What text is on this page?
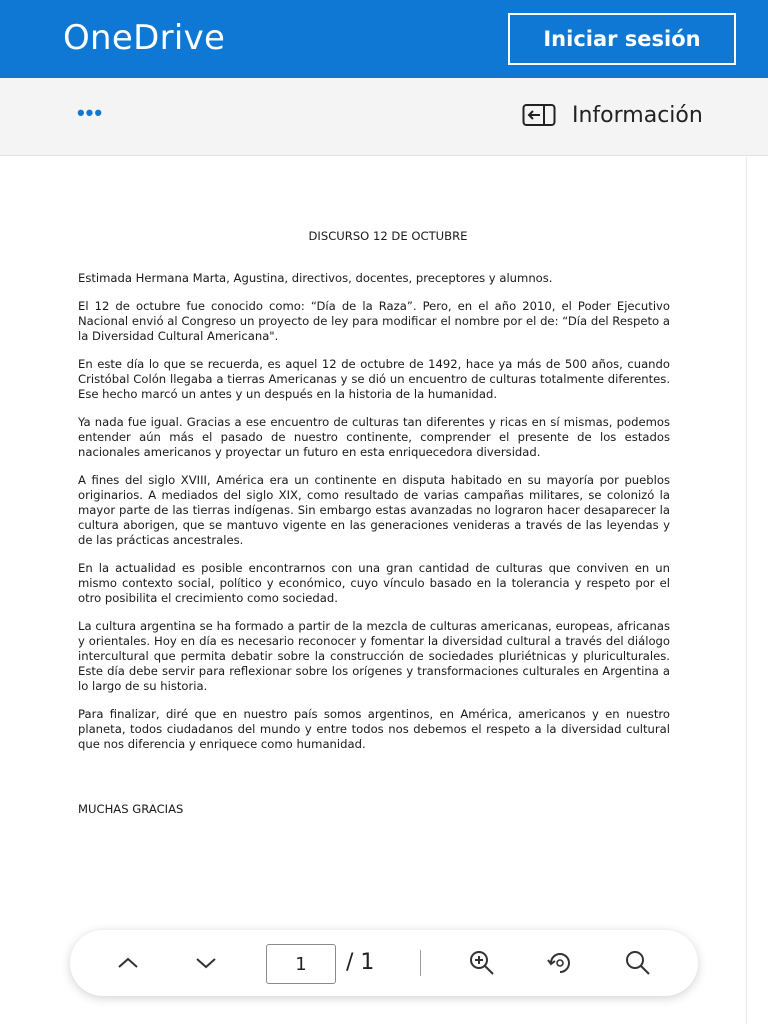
OneDrive	Iniciar sesión
•••	Información
DISCURSO 12 DE OCTUBRE

Estimada Hermana Marta, Agustina, directivos, docentes, preceptores y alumnos.

El 12 de octubre fue conocido como: “Día de la Raza”. Pero, en el año 2010, el Poder Ejecutivo Nacional envió al Congreso un proyecto de ley para modificar el nombre por el de: “Día del Respeto a la Diversidad Cultural Americana".

En este día lo que se recuerda, es aquel 12 de octubre de 1492, hace ya más de 500 años, cuando Cristóbal Colón llegaba a tierras Americanas y se dió un encuentro de culturas totalmente diferentes. Ese hecho marcó un antes y un después en la historia de la humanidad.

Ya nada fue igual. Gracias a ese encuentro de culturas tan diferentes y ricas en sí mismas, podemos entender aún más el pasado de nuestro continente, comprender el presente de los estados nacionales americanos y proyectar un futuro en esta enriquecedora diversidad.

A fines del siglo XVIII, América era un continente en disputa habitado en su mayoría por pueblos originarios. A mediados del siglo XIX, como resultado de varias campañas militares, se colonizó la mayor parte de las tierras indígenas. Sin embargo estas avanzadas no lograron hacer desaparecer la cultura aborigen, que se mantuvo vigente en las generaciones venideras a través de las leyendas y de las prácticas ancestrales.

En la actualidad es posible encontrarnos con una gran cantidad de culturas que conviven en un mismo contexto social, político y económico, cuyo vínculo basado en la tolerancia y respeto por el otro posibilita el crecimiento como sociedad.

La cultura argentina se ha formado a partir de la mezcla de culturas americanas, europeas, africanas y orientales. Hoy en día es necesario reconocer y fomentar la diversidad cultural a través del diálogo intercultural que permita debatir sobre la construcción de sociedades pluriétnicas y pluriculturales. Este día debe servir para reflexionar sobre los orígenes y transformaciones culturales en Argentina a lo largo de su historia.

Para finalizar, diré que en nuestro país somos argentinos, en América, americanos y en nuestro planeta, todos ciudadanos del mundo y entre todos nos debemos el respeto a la diversidad cultural que nos diferencia y enriquece como humanidad.

MUCHAS GRACIAS

1
/ 1
